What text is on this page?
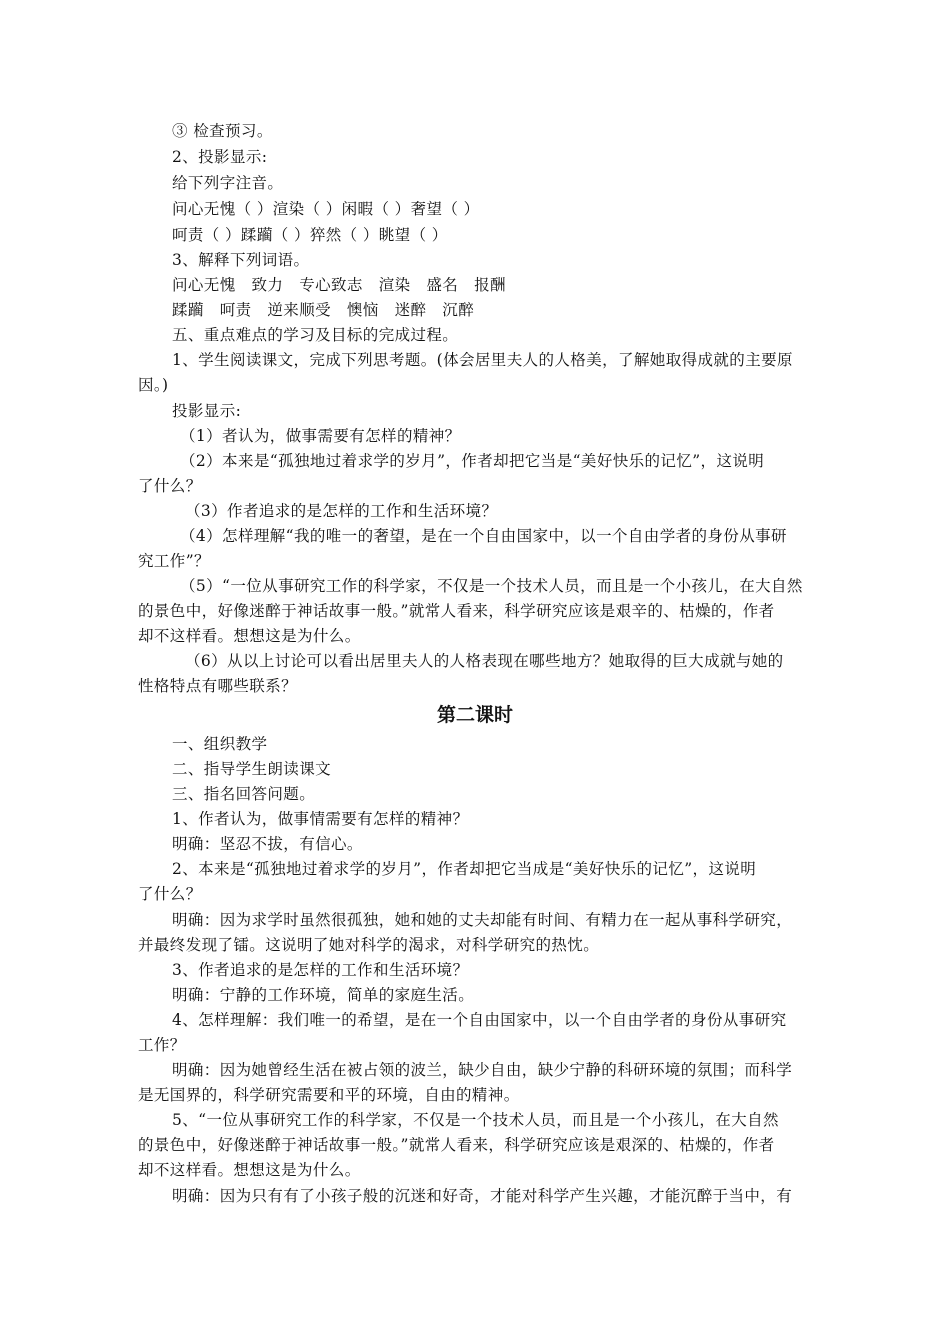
③ 检查预习。
2、投影显示:
给下列字注音。
问心无愧（ ）渲染（ ）闲暇（ ）奢望（ ）
呵责（ ）蹂躏（ ）猝然（ ）眺望（ ）
3、解释下列词语。
问心无愧　致力　专心致志　渲染　盛名　报酬
蹂躏　呵责　逆来顺受　懊恼　迷醉　沉醉
五、重点难点的学习及目标的完成过程。
1、学生阅读课文，完成下列思考题。(体会居里夫人的人格美，了解她取得成就的主要原
因。)
投影显示:
（1）者认为，做事需要有怎样的精神？
（2）本来是“孤独地过着求学的岁月”，作者却把它当是“美好快乐的记忆”，这说明
了什么？
（3）作者追求的是怎样的工作和生活环境？
（4）怎样理解“我的唯一的奢望，是在一个自由国家中，以一个自由学者的身份从事研
究工作”？
（5）“一位从事研究工作的科学家，不仅是一个技术人员，而且是一个小孩儿，在大自然
的景色中，好像迷醉于神话故事一般。”就常人看来，科学研究应该是艰辛的、枯燥的，作者
却不这样看。想想这是为什么。
（6）从以上讨论可以看出居里夫人的人格表现在哪些地方？她取得的巨大成就与她的
性格特点有哪些联系？
第二课时
一、组织教学
二、指导学生朗读课文
三、指名回答问题。
1、作者认为，做事情需要有怎样的精神？
明确：坚忍不拔，有信心。
2、本来是“孤独地过着求学的岁月”，作者却把它当成是“美好快乐的记忆”，这说明
了什么？
明确：因为求学时虽然很孤独，她和她的丈夫却能有时间、有精力在一起从事科学研究，
并最终发现了镭。这说明了她对科学的渴求，对科学研究的热忱。
3、作者追求的是怎样的工作和生活环境？
明确：宁静的工作环境，简单的家庭生活。
4、怎样理解：我们唯一的希望，是在一个自由国家中，以一个自由学者的身份从事研究
工作？
明确：因为她曾经生活在被占领的波兰，缺少自由，缺少宁静的科研环境的氛围；而科学
是无国界的，科学研究需要和平的环境，自由的精神。
5、“一位从事研究工作的科学家，不仅是一个技术人员，而且是一个小孩儿，在大自然
的景色中，好像迷醉于神话故事一般。”就常人看来，科学研究应该是艰深的、枯燥的，作者
却不这样看。想想这是为什么。
明确：因为只有有了小孩子般的沉迷和好奇，才能对科学产生兴趣，才能沉醉于当中，有
